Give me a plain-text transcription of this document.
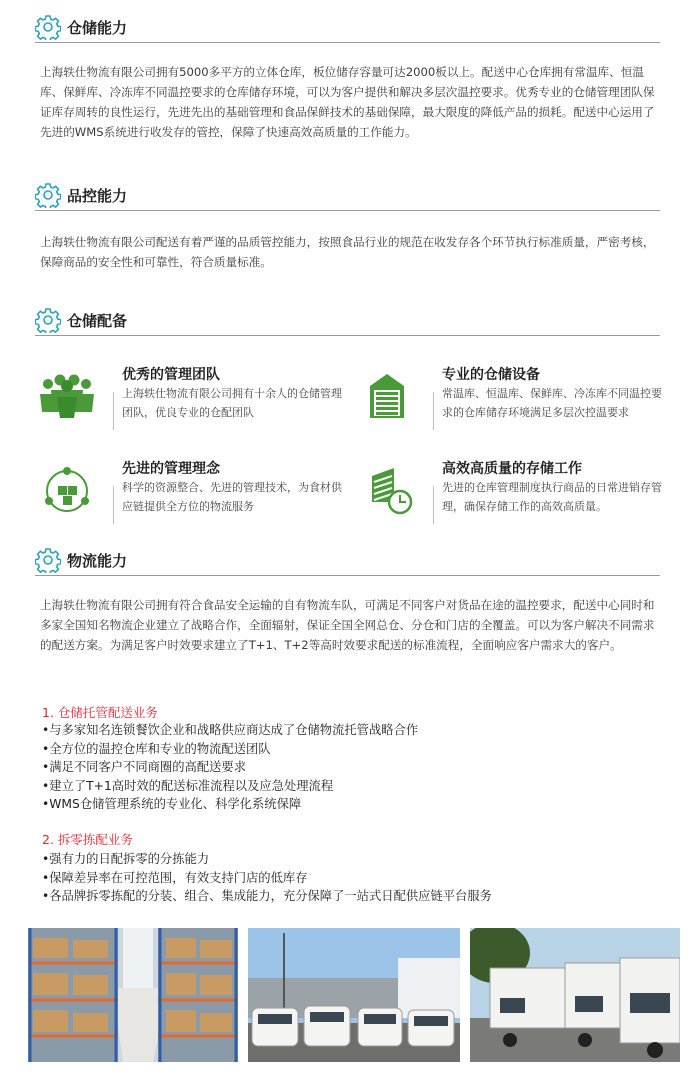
仓储能力
上海轶仕物流有限公司拥有5000多平方的立体仓库，板位储存容量可达2000板以上。配送中心仓库拥有常温库、恒温库、保鲜库、冷冻库不同温控要求的仓库储存环境，可以为客户提供和解决多层次温控要求。优秀专业的仓储管理团队保证库存周转的良性运行，先进先出的基础管理和食品保鲜技术的基础保障，最大限度的降低产品的损耗。配送中心运用了先进的WMS系统进行收发存的管控，保障了快速高效高质量的工作能力。
品控能力
上海轶仕物流有限公司配送有着严谨的品质管控能力，按照食品行业的规范在收发存各个环节执行标准质量，严密考核，保障商品的安全性和可靠性，符合质量标准。
仓储配备
优秀的管理团队
上海轶仕物流有限公司拥有十余人的仓储管理团队，优良专业的仓配团队
专业的仓储设备
常温库、恒温库、保鲜库、冷冻库不同温控要求的仓库储存环境满足多层次控温要求
先进的管理理念
科学的资源整合、先进的管理技术，为食材供应链提供全方位的物流服务
高效高质量的存储工作
先进的仓库管理制度执行商品的日常进销存管理，确保存储工作的高效高质量。
物流能力
上海轶仕物流有限公司拥有符合食品安全运输的自有物流车队，可满足不同客户对货品在途的温控要求，配送中心同时和多家全国知名物流企业建立了战略合作，全面辐射，保证全国全网总仓、分仓和门店的全覆盖。可以为客户解决不同需求的配送方案。为满足客户时效要求建立了T+1、T+2等高时效要求配送的标准流程，全面响应客户需求大的客户。
1. 仓储托管配送业务
•与多家知名连锁餐饮企业和战略供应商达成了仓储物流托管战略合作
•全方位的温控仓库和专业的物流配送团队
•满足不同客户不同商圈的高配送要求
•建立了T+1高时效的配送标准流程以及应急处理流程
•WMS仓储管理系统的专业化、科学化系统保障
2. 拆零拣配业务
•强有力的日配拆零的分拣能力
•保障差异率在可控范围，有效支持门店的低库存
•各品牌拆零拣配的分装、组合、集成能力，充分保障了一站式日配供应链平台服务
